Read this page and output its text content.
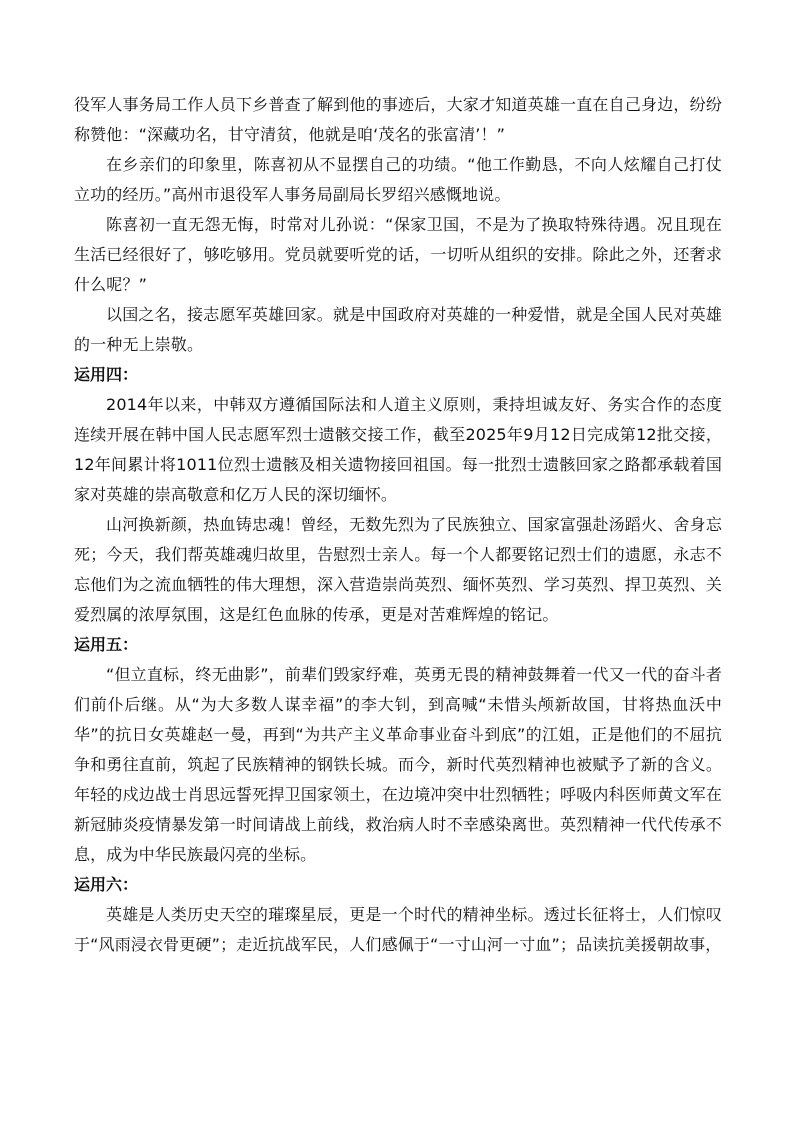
役军人事务局工作人员下乡普查了解到他的事迹后，大家才知道英雄一直在自己身边，纷纷称赞他：“深藏功名，甘守清贫，他就是咱‘茂名的张富清’！”

在乡亲们的印象里，陈喜初从不显摆自己的功绩。“他工作勤恳，不向人炫耀自己打仗立功的经历。”高州市退役军人事务局副局长罗绍兴感慨地说。

陈喜初一直无怨无悔，时常对儿孙说：“保家卫国，不是为了换取特殊待遇。况且现在生活已经很好了，够吃够用。党员就要听党的话，一切听从组织的安排。除此之外，还奢求什么呢？”

以国之名，接志愿军英雄回家。就是中国政府对英雄的一种爱惜，就是全国人民对英雄的一种无上崇敬。

运用四：

2014年以来，中韩双方遵循国际法和人道主义原则，秉持坦诚友好、务实合作的态度连续开展在韩中国人民志愿军烈士遗骸交接工作，截至2025年9月12日完成第12批交接，12年间累计将1011位烈士遗骸及相关遗物接回祖国。每一批烈士遗骸回家之路都承载着国家对英雄的崇高敬意和亿万人民的深切缅怀。

山河换新颜，热血铸忠魂！曾经，无数先烈为了民族独立、国家富强赴汤蹈火、舍身忘死；今天，我们帮英雄魂归故里，告慰烈士亲人。每一个人都要铭记烈士们的遗愿，永志不忘他们为之流血牺牲的伟大理想，深入营造崇尚英烈、缅怀英烈、学习英烈、捍卫英烈、关爱烈属的浓厚氛围，这是红色血脉的传承，更是对苦难辉煌的铭记。

运用五：

“但立直标，终无曲影”，前辈们毁家纾难，英勇无畏的精神鼓舞着一代又一代的奋斗者们前仆后继。从“为大多数人谋幸福”的李大钊，到高喊“未惜头颅新故国，甘将热血沃中华”的抗日女英雄赵一曼，再到“为共产主义革命事业奋斗到底”的江姐，正是他们的不屈抗争和勇往直前，筑起了民族精神的钢铁长城。而今，新时代英烈精神也被赋予了新的含义。年轻的戍边战士肖思远誓死捍卫国家领土，在边境冲突中壮烈牺牲；呼吸内科医师黄文军在新冠肺炎疫情暴发第一时间请战上前线，救治病人时不幸感染离世。英烈精神一代代传承不息，成为中华民族最闪亮的坐标。

运用六：

英雄是人类历史天空的璀璨星辰，更是一个时代的精神坐标。透过长征将士，人们惊叹于“风雨浸衣骨更硬”；走近抗战军民，人们感佩于“一寸山河一寸血”；品读抗美援朝故事，
